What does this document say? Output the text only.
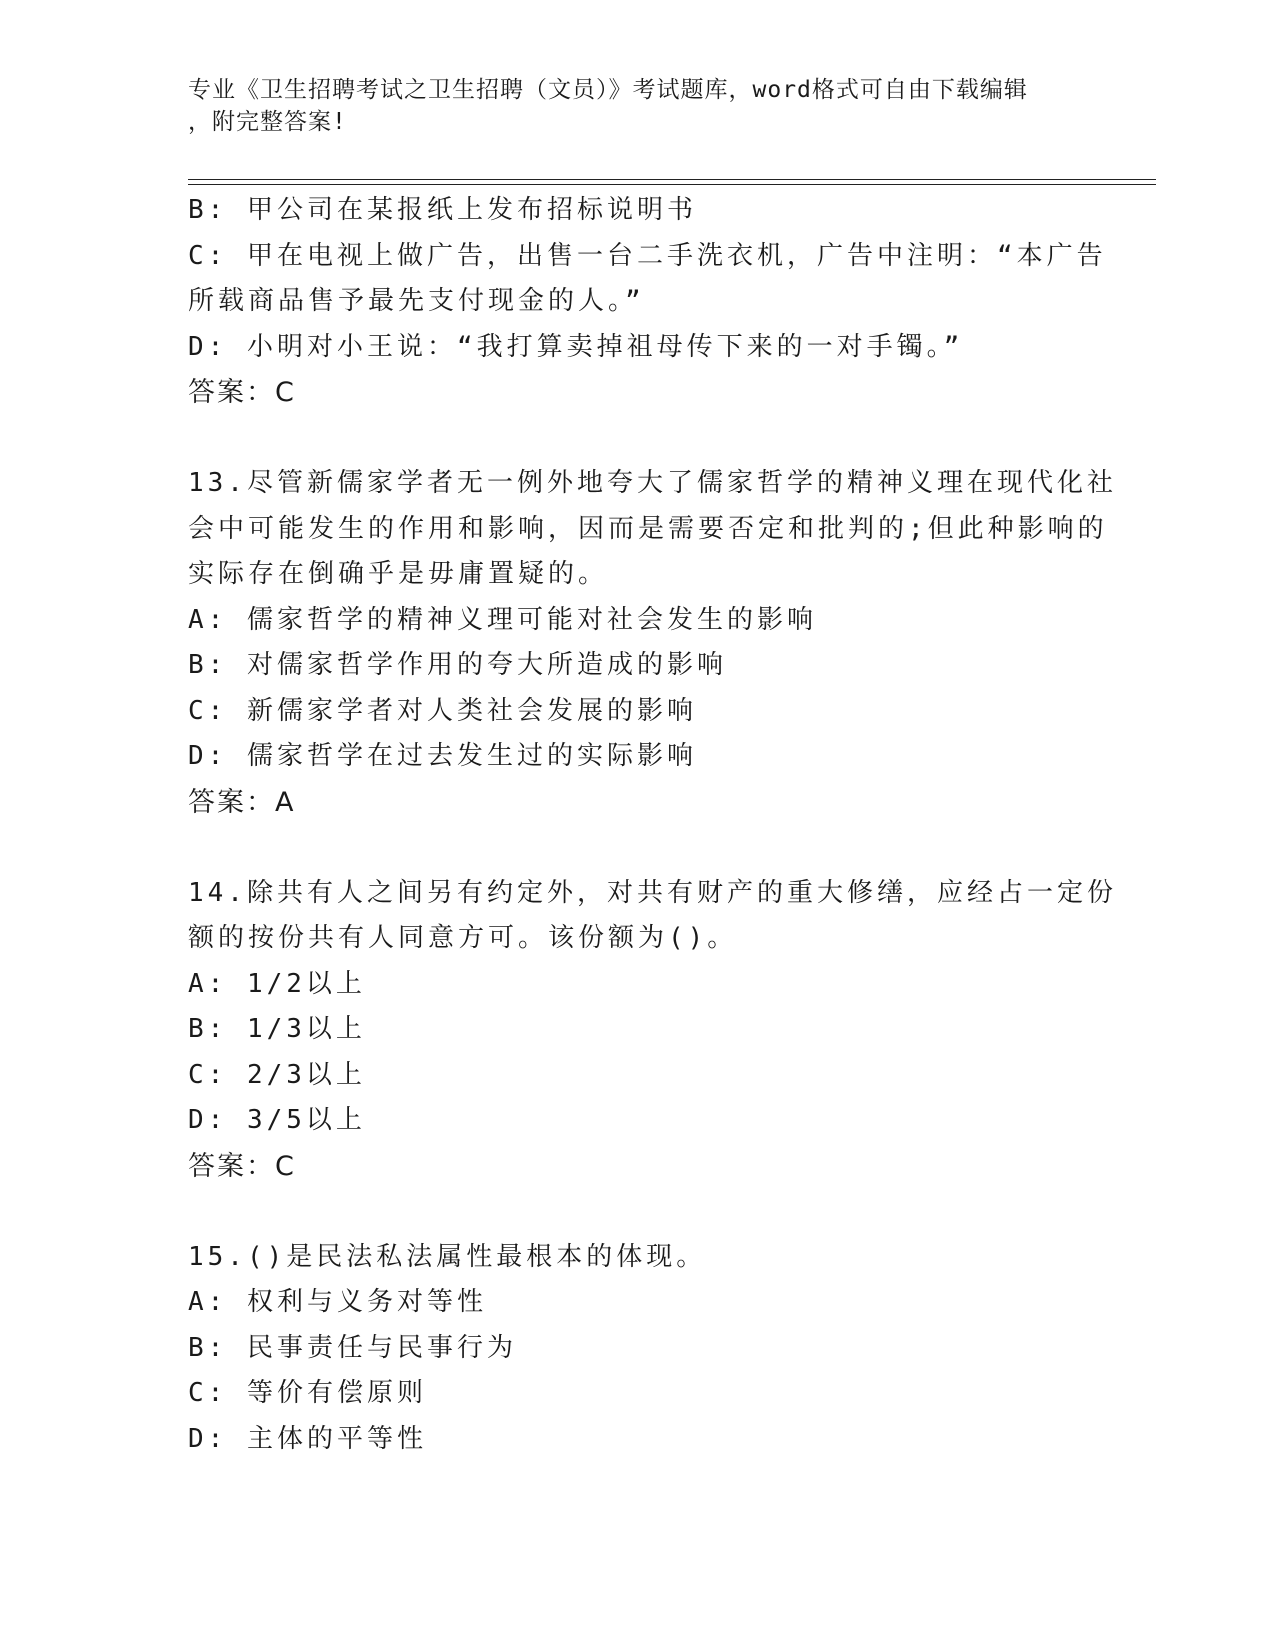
专业《卫生招聘考试之卫生招聘（文员）》考试题库，word格式可自由下载编辑
，附完整答案!
B: 甲公司在某报纸上发布招标说明书
C: 甲在电视上做广告，出售一台二手洗衣机，广告中注明：“本广告
所载商品售予最先支付现金的人。”
D: 小明对小王说：“我打算卖掉祖母传下来的一对手镯。”
答案：C
13.尽管新儒家学者无一例外地夸大了儒家哲学的精神义理在现代化社
会中可能发生的作用和影响，因而是需要否定和批判的;但此种影响的
实际存在倒确乎是毋庸置疑的。
A: 儒家哲学的精神义理可能对社会发生的影响
B: 对儒家哲学作用的夸大所造成的影响
C: 新儒家学者对人类社会发展的影响
D: 儒家哲学在过去发生过的实际影响
答案：A
14.除共有人之间另有约定外，对共有财产的重大修缮，应经占一定份
额的按份共有人同意方可。该份额为()。
A: 1/2以上
B: 1/3以上
C: 2/3以上
D: 3/5以上
答案：C
15.()是民法私法属性最根本的体现。
A: 权利与义务对等性
B: 民事责任与民事行为
C: 等价有偿原则
D: 主体的平等性
